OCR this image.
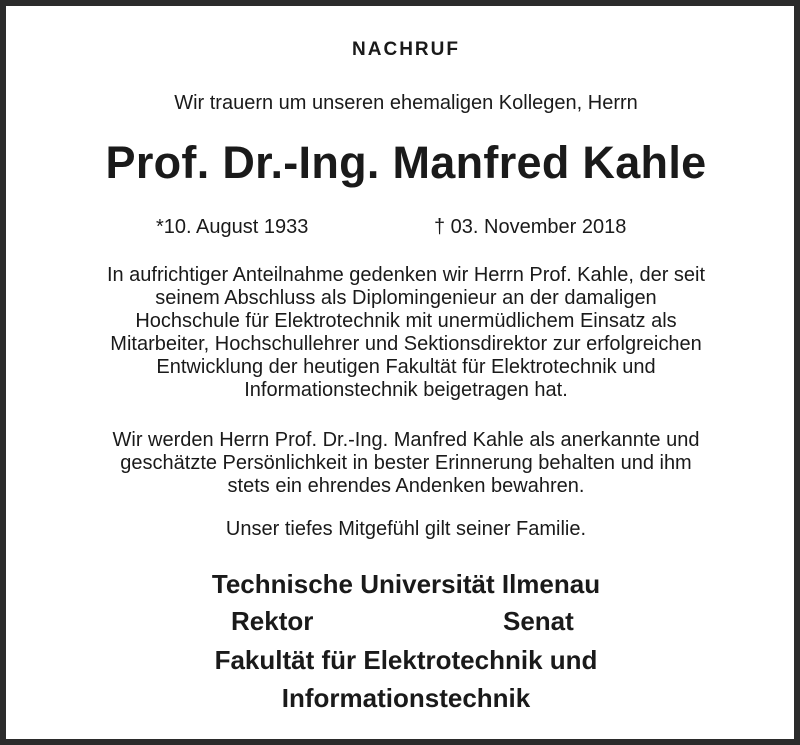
NACHRUF
Wir trauern um unseren ehemaligen Kollegen, Herrn
Prof. Dr.-Ing. Manfred Kahle
*10. August 1933	† 03. November 2018
In aufrichtiger Anteilnahme gedenken wir Herrn Prof. Kahle, der seit
seinem Abschluss als Diplomingenieur an der damaligen
Hochschule für Elektrotechnik mit unermüdlichem Einsatz als
Mitarbeiter, Hochschullehrer und Sektionsdirektor zur erfolgreichen
Entwicklung der heutigen Fakultät für Elektrotechnik und
Informationstechnik beigetragen hat.
Wir werden Herrn Prof. Dr.-Ing. Manfred Kahle als anerkannte und
geschätzte Persönlichkeit in bester Erinnerung behalten und ihm
stets ein ehrendes Andenken bewahren.
Unser tiefes Mitgefühl gilt seiner Familie.
Technische Universität Ilmenau
Rektor	Senat
Fakultät für Elektrotechnik und
Informationstechnik
